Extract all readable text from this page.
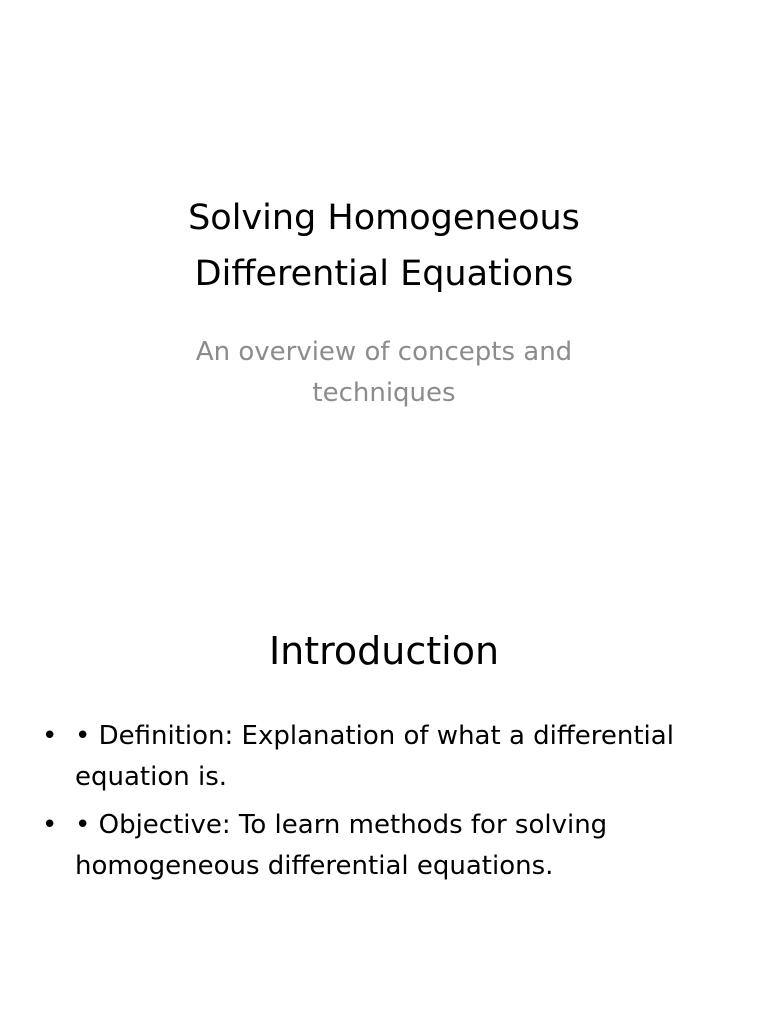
Solving Homogeneous
Differential Equations

An overview of concepts and
techniques

Introduction
• • Definition: Explanation of what a differential
equation is.
• • Objective: To learn methods for solving
homogeneous differential equations.
